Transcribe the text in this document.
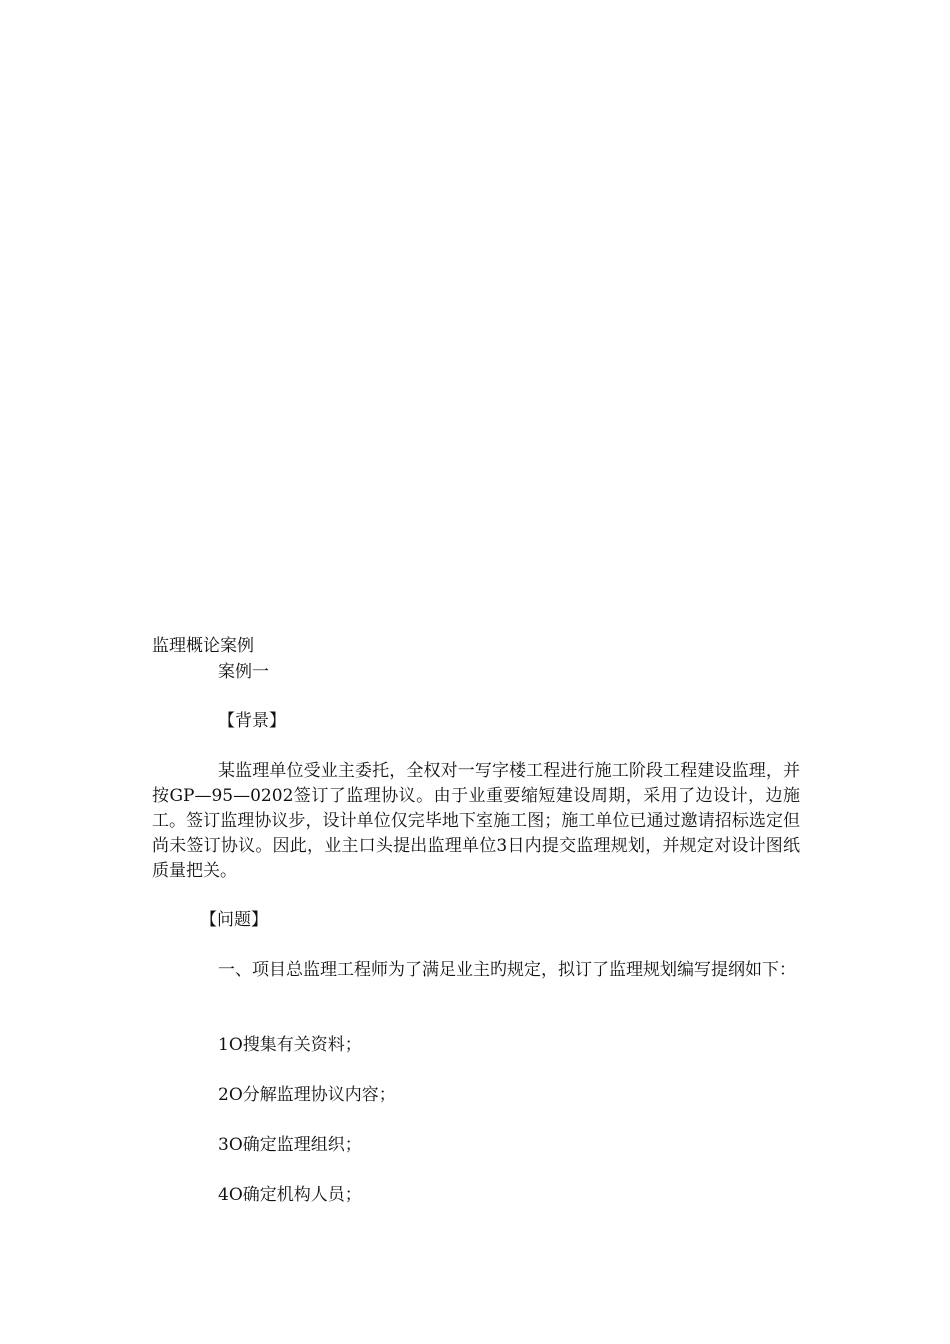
监理概论案例
案例一
【背景】
某监理单位受业主委托，全权对一写字楼工程进行施工阶段工程建设监理，并按GP—95—0202签订了监理协议。由于业重要缩短建设周期，采用了边设计，边施工。签订监理协议步，设计单位仅完毕地下室施工图；施工单位已通过邀请招标选定但尚未签订协议。因此，业主口头提出监理单位3日内提交监理规划，并规定对设计图纸质量把关。
【问题】
一、项目总监理工程师为了满足业主旳规定，拟订了监理规划编写提纲如下：
1O搜集有关资料；
2O分解监理协议内容；
3O确定监理组织；
4O确定机构人员；
